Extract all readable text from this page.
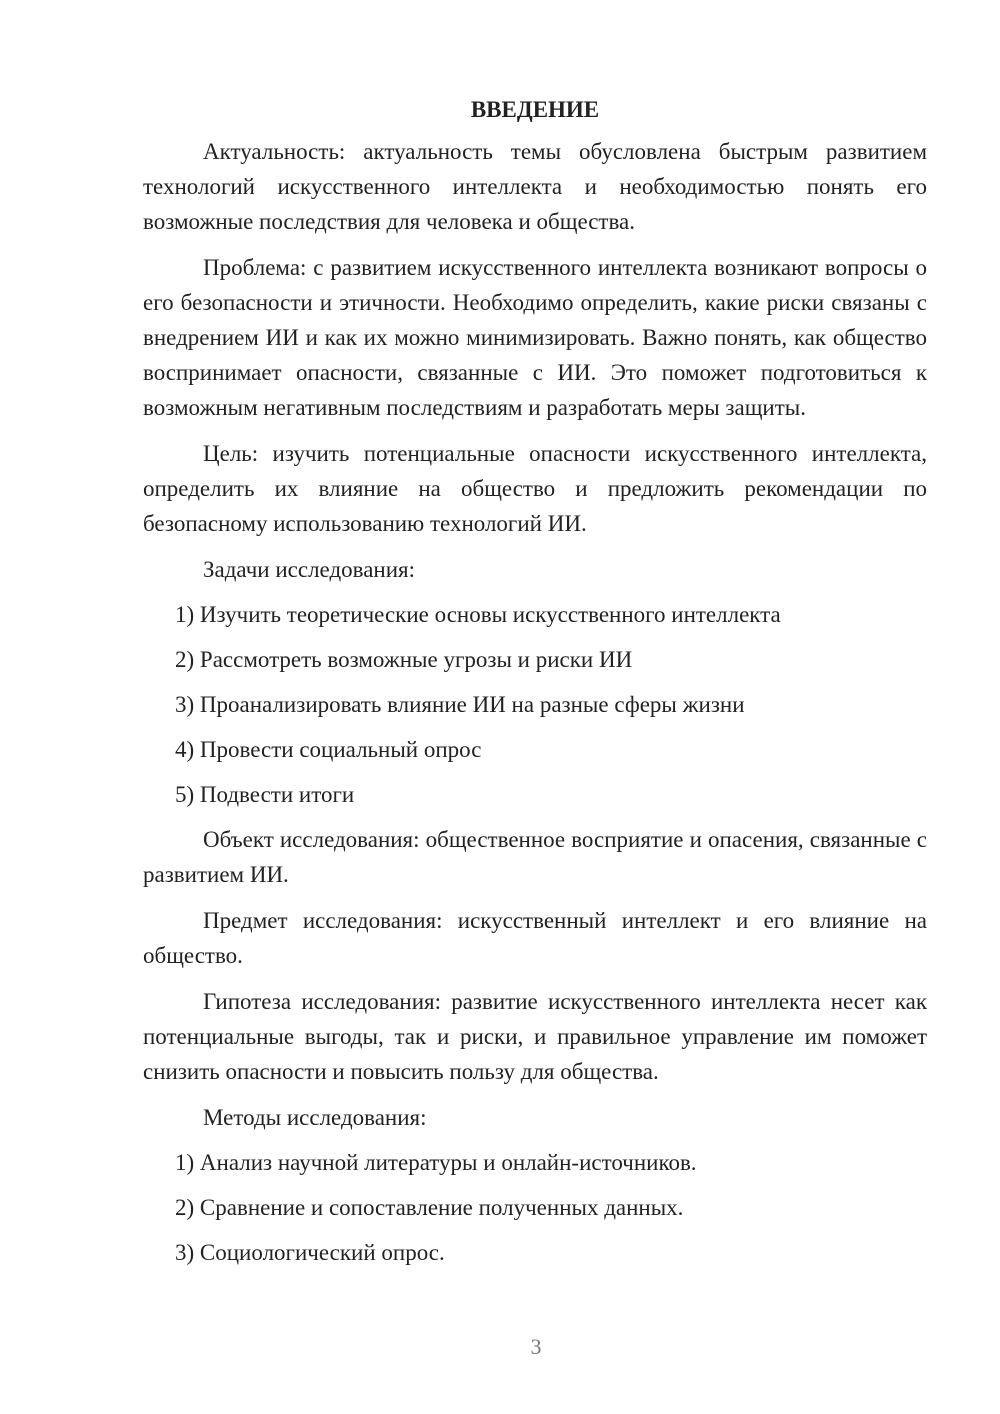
ВВЕДЕНИЕ

Актуальность: актуальность темы обусловлена быстрым развитием технологий искусственного интеллекта и необходимостью понять его возможные последствия для человека и общества.

Проблема: с развитием искусственного интеллекта возникают вопросы о его безопасности и этичности. Необходимо определить, какие риски связаны с внедрением ИИ и как их можно минимизировать. Важно понять, как общество воспринимает опасности, связанные с ИИ. Это поможет подготовиться к возможным негативным последствиям и разработать меры защиты.

Цель: изучить потенциальные опасности искусственного интеллекта, определить их влияние на общество и предложить рекомендации по безопасному использованию технологий ИИ.

Задачи исследования:

1) Изучить теоретические основы искусственного интеллекта
2) Рассмотреть возможные угрозы и риски ИИ
3) Проанализировать влияние ИИ на разные сферы жизни
4) Провести социальный опрос
5) Подвести итоги

Объект исследования: общественное восприятие и опасения, связанные с развитием ИИ.

Предмет исследования: искусственный интеллект и его влияние на общество.

Гипотеза исследования: развитие искусственного интеллекта несет как потенциальные выгоды, так и риски, и правильное управление им поможет снизить опасности и повысить пользу для общества.

Методы исследования:

1) Анализ научной литературы и онлайн-источников.
2) Сравнение и сопоставление полученных данных.
3) Социологический опрос.
3
